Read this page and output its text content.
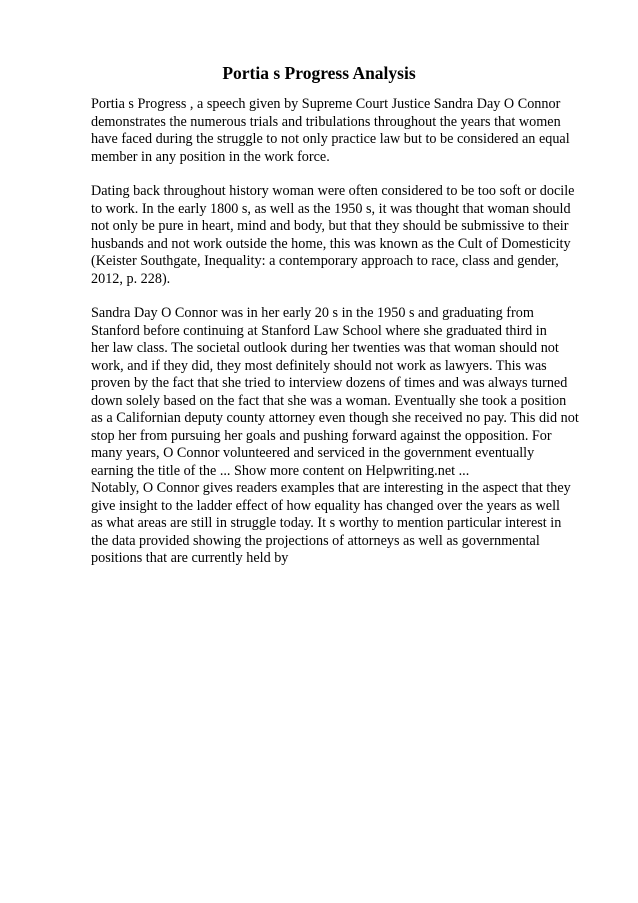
Portia s Progress Analysis

Portia s Progress , a speech given by Supreme Court Justice Sandra Day O Connor
demonstrates the numerous trials and tribulations throughout the years that women
have faced during the struggle to not only practice law but to be considered an equal
member in any position in the work force.

Dating back throughout history woman were often considered to be too soft or docile
to work. In the early 1800 s, as well as the 1950 s, it was thought that woman should
not only be pure in heart, mind and body, but that they should be submissive to their
husbands and not work outside the home, this was known as the Cult of Domesticity
(Keister Southgate, Inequality: a contemporary approach to race, class and gender,
2012, p. 228).

Sandra Day O Connor was in her early 20 s in the 1950 s and graduating from
Stanford before continuing at Stanford Law School where she graduated third in
her law class. The societal outlook during her twenties was that woman should not
work, and if they did, they most definitely should not work as lawyers. This was
proven by the fact that she tried to interview dozens of times and was always turned
down solely based on the fact that she was a woman. Eventually she took a position
as a Californian deputy county attorney even though she received no pay. This did not
stop her from pursuing her goals and pushing forward against the opposition. For
many years, O Connor volunteered and serviced in the government eventually
earning the title of the ... Show more content on Helpwriting.net ...

Notably, O Connor gives readers examples that are interesting in the aspect that they
give insight to the ladder effect of how equality has changed over the years as well
as what areas are still in struggle today. It s worthy to mention particular interest in
the data provided showing the projections of attorneys as well as governmental
positions that are currently held by
